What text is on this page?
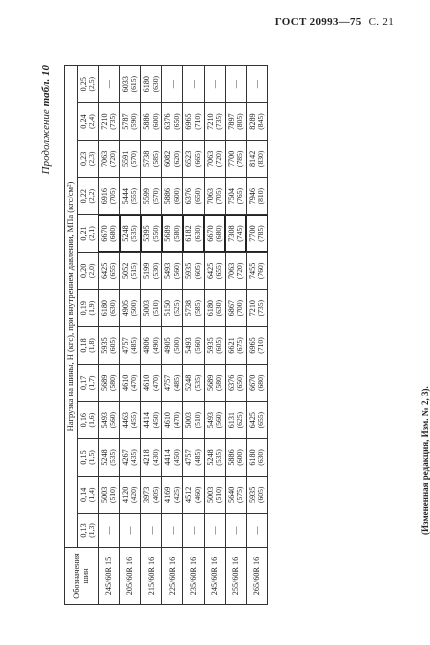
ГОСТ 20993—75 С. 21
Продолжение табл. 10
Обозначения шин	Нагрузка на шины, Н (кгс), при внутреннем давлении, МПа (кгс/см²)												

	0,13 (1,3)	0,14 (1,4)	0,15 (1,5)	0,16 (1,6)	0,17 (1,7)	0,18 (1,8)	0,19 (1,9)	0,20 (2,0)	0,21 (2,1)	0,22 (2,2)	0,23 (2,3)	0,24 (2,4)	0,25 (2,5)

245/60R 15	—	5003 (510)	5248 (535)	5493 (560)	5689 (580)	5935 (605)	6180 (630)	6425 (655)	6670 (680)	6916 (705)	7063 (720)	7210 (735)	—

205/60R 16	—	4120 (420)	4267 (435)	4463 (455)	4610 (470)	4757 (485)	4905 (500)	5052 (515)	5248 (535)	5444 (555)	5591 (570)	5787 (590)	6033 (615)

215/60R 16	—	3973 (405)	4218 (430)	4414 (450)	4610 (470)	4806 (490)	5003 (510)	5199 (530)	5395 (550)	5599 (570)	5738 (585)	5886 (600)	6180 (630)

225/60R 16	—	4169 (425)	4414 (450)	4610 (470)	4757 (485)	4905 (500)	5150 (525)	5493 (560)	5689 (580)	5886 (600)	6082 (620)	6376 (650)	—

235/60R 16	—	4512 (460)	4757 (485)	5003 (510)	5248 (535)	5493 (560)	5738 (585)	5935 (605)	6182 (630)	6376 (650)	6523 (665)	6965 (710)	—

245/60R 16	—	5003 (510)	5248 (535)	5493 (560)	5689 (580)	5935 (605)	6180 (630)	6425 (655)	6670 (680)	7063 (705)	7063 (720)	7210 (735)	—

255/60R 16	—	5640 (575)	5886 (600)	6131 (625)	6376 (650)	6621 (675)	6867 (700)	7063 (720)	7308 (745)	7504 (765)	7700 (785)	7897 (805)	—

265/60R 16	—	5935 (605)	6180 (630)	6425 (655)	6670 (680)	6965 (710)	7210 (735)	7455 (760)	7700 (785)	7946 (810)	8142 (830)	8289 (845)	—
(Измененная редакция, Изм. № 2, 3).
